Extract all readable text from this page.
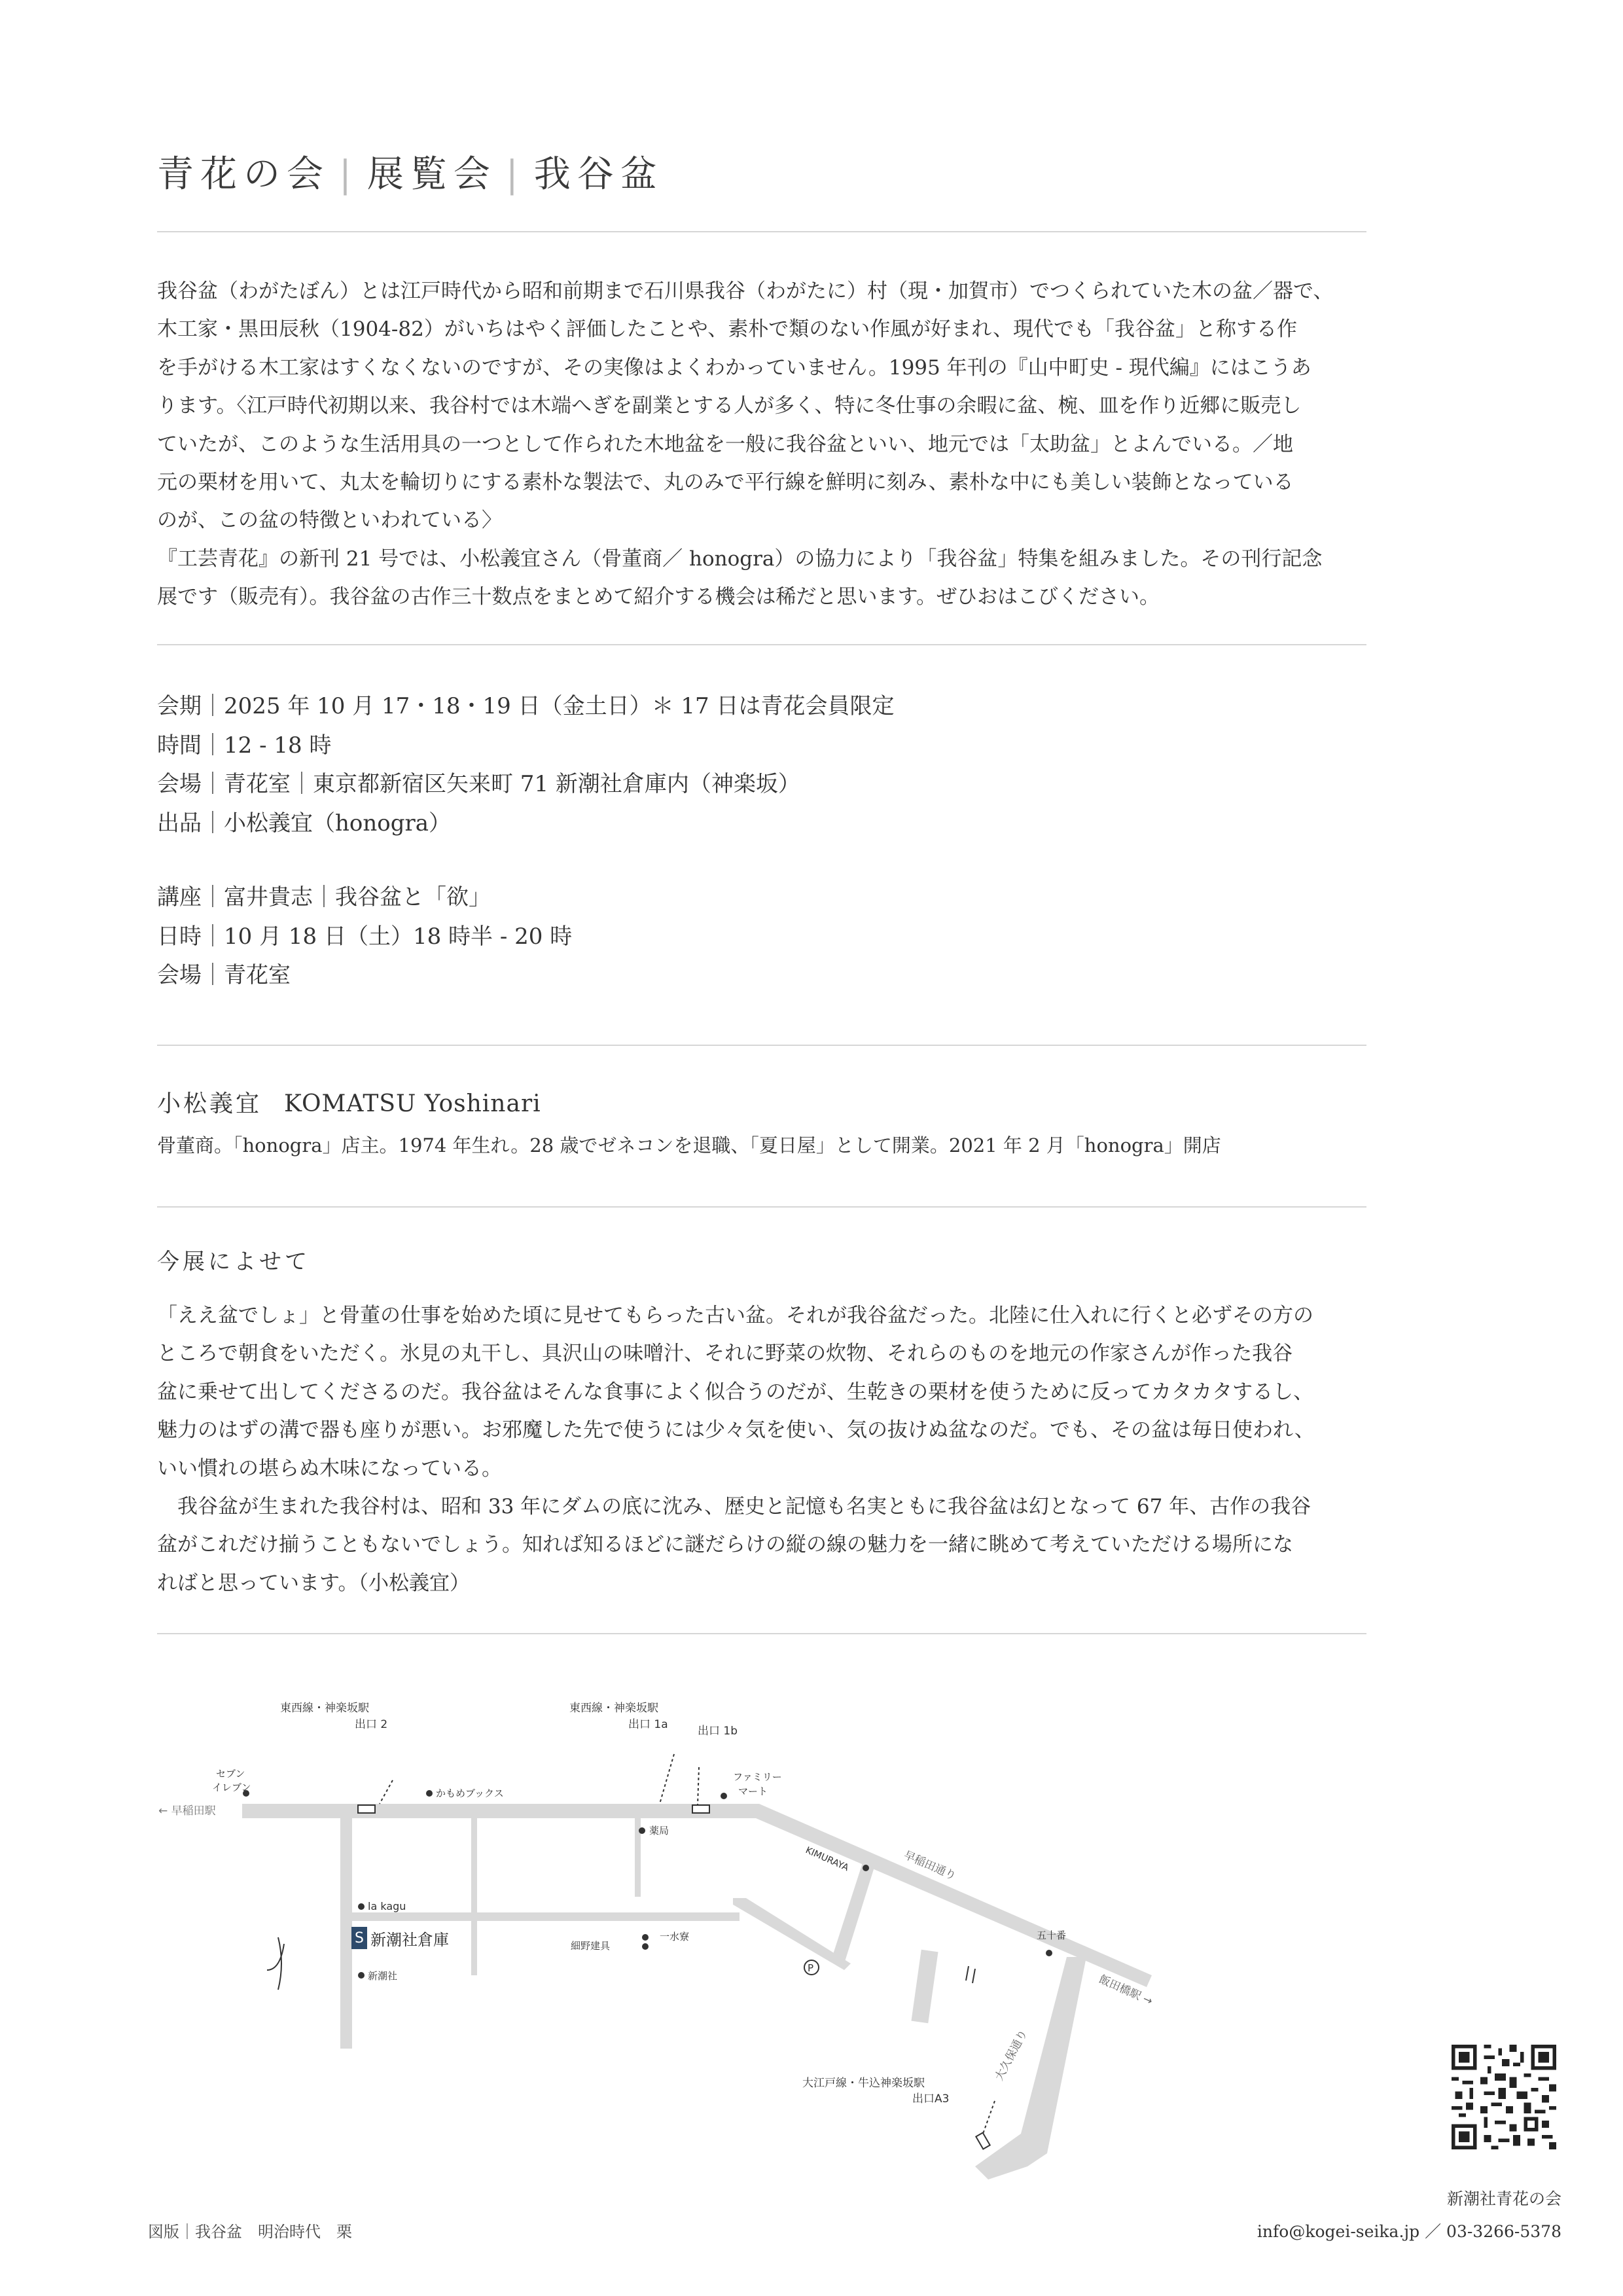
青花の会 | 展覧会 | 我谷盆

我谷盆（わがたぼん）とは江戸時代から昭和前期まで石川県我谷（わがたに）村（現・加賀市）でつくられていた木の盆／器で、

木工家・黒田辰秋（1904-82）がいちはやく評価したことや、素朴で類のない作風が好まれ、現代でも「我谷盆」と称する作

を手がける木工家はすくなくないのですが、その実像はよくわかっていません。1995 年刊の『山中町史 - 現代編』にはこうあ

ります。〈江戸時代初期以来、我谷村では木端へぎを副業とする人が多く、特に冬仕事の余暇に盆、椀、皿を作り近郷に販売し

ていたが、このような生活用具の一つとして作られた木地盆を一般に我谷盆といい、地元では「太助盆」とよんでいる。／地

元の栗材を用いて、丸太を輪切りにする素朴な製法で、丸のみで平行線を鮮明に刻み、素朴な中にも美しい装飾となっている

のが、この盆の特徴といわれている〉

『工芸青花』の新刊 21 号では、小松義宜さん（骨董商／ honogra）の協力により「我谷盆」特集を組みました。その刊行記念

展です（販売有）。我谷盆の古作三十数点をまとめて紹介する機会は稀だと思います。ぜひおはこびください。

会期｜2025 年 10 月 17・18・19 日（金土日）＊ 17 日は青花会員限定
時間｜12 - 18 時
会場｜青花室｜東京都新宿区矢来町 71 新潮社倉庫内（神楽坂）
出品｜小松義宜（honogra）
講座｜富井貴志｜我谷盆と「欲」
日時｜10 月 18 日（土）18 時半 - 20 時
会場｜青花室
小松義宜 KOMATSU Yoshinari
骨董商。「honogra」店主。1974 年生れ。28 歳でゼネコンを退職、「夏日屋」として開業。2021 年 2 月「honogra」開店
今展によせて

「ええ盆でしょ」と骨董の仕事を始めた頃に見せてもらった古い盆。それが我谷盆だった。北陸に仕入れに行くと必ずその方の

ところで朝食をいただく。氷見の丸干し、具沢山の味噌汁、それに野菜の炊物、それらのものを地元の作家さんが作った我谷

盆に乗せて出してくださるのだ。我谷盆はそんな食事によく似合うのだが、生乾きの栗材を使うために反ってカタカタするし、

魅力のはずの溝で器も座りが悪い。お邪魔した先で使うには少々気を使い、気の抜けぬ盆なのだ。でも、その盆は毎日使われ、

いい慣れの堪らぬ木味になっている。

　我谷盆が生まれた我谷村は、昭和 33 年にダムの底に沈み、歴史と記憶も名実ともに我谷盆は幻となって 67 年、古作の我谷

盆がこれだけ揃うこともないでしょう。知れば知るほどに謎だらけの縦の線の魅力を一緒に眺めて考えていただける場所にな

ればと思っています。（小松義宜）

S
東西線・神楽坂駅
出口 2
東西線・神楽坂駅
出口 1a	出口 1b
セブン
イレブン
← 早稲田駅
かもめブックス
ファミリー
マート
薬局
KIMURAYA	早稲田通り
五十番
la kagu
新潮社倉庫
新潮社
細野建具
一水寮
P
飯田橋駅 →
大久保通り
大江戸線・牛込神楽坂駅
出口A3
新潮社青花の会
info@kogei-seika.jp ／ 03-3266-5378
図版｜我谷盆　明治時代　栗
